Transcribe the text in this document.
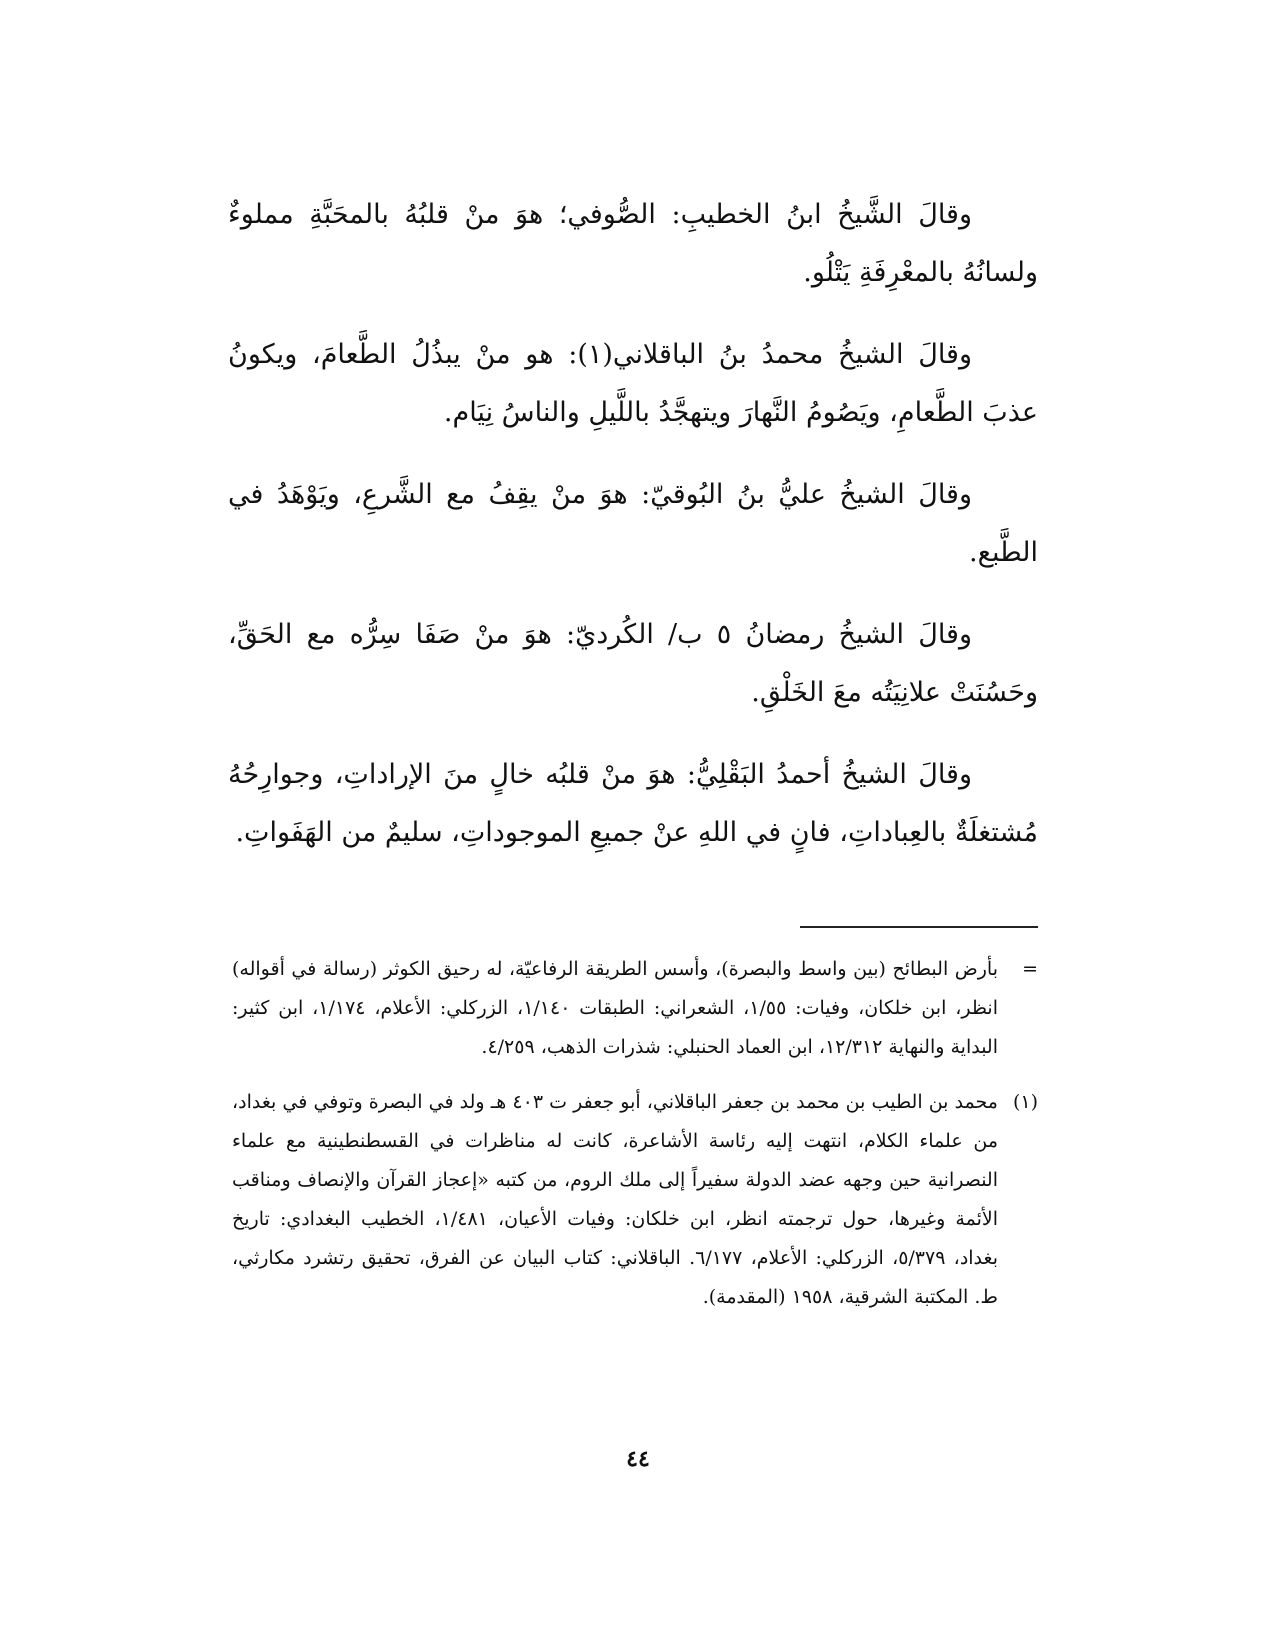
وقالَ الشَّيخُ ابنُ الخطيبِ: الصُّوفي؛ هوَ منْ قلبُهُ بالمحَبَّةِ مملوءٌ ولسانُهُ بالمعْرِفَةِ يَتْلُو.

وقالَ الشيخُ محمدُ بنُ الباقلاني(١): هو منْ يبذُلُ الطَّعامَ، ويكونُ عذبَ الطَّعامِ، ويَصُومُ النَّهارَ ويتهجَّدُ باللَّيلِ والناسُ نِيَام.

وقالَ الشيخُ عليُّ بنُ البُوقيّ: هوَ منْ يقِفُ مع الشَّرعِ، ويَوْهَدُ في الطَّبع.

وقالَ الشيخُ رمضانُ ٥ ب/ الكُرديّ: هوَ منْ صَفَا سِرُّه مع الحَقِّ، وحَسُنَتْ علانِيَتُه معَ الخَلْقِ.

وقالَ الشيخُ أحمدُ البَقْلِيُّ: هوَ منْ قلبُه خالٍ منَ الإراداتِ، وجوارِحُهُ مُشتغلَةٌ بالعِباداتِ، فانٍ في اللهِ عنْ جميعِ الموجوداتِ، سليمٌ من الهَفَواتِ.

=
بأرض البطائح (بين واسط والبصرة)، وأسس الطريقة الرفاعيّة، له رحيق الكوثر (رسالة في أقواله) انظر، ابن خلكان، وفيات: ١/٥٥، الشعراني: الطبقات ١/١٤٠، الزركلي: الأعلام، ١/١٧٤، ابن كثير: البداية والنهاية ١٢/٣١٢، ابن العماد الحنبلي: شذرات الذهب، ٤/٢٥٩.
(١)
محمد بن الطيب بن محمد بن جعفر الباقلاني، أبو جعفر ت ٤٠٣ هـ ولد في البصرة وتوفي في بغداد، من علماء الكلام، انتهت إليه رئاسة الأشاعرة، كانت له مناظرات في القسطنطينية مع علماء النصرانية حين وجهه عضد الدولة سفيراً إلى ملك الروم، من كتبه «إعجاز القرآن والإنصاف ومناقب الأئمة وغيرها، حول ترجمته انظر، ابن خلكان: وفيات الأعيان، ١/٤٨١، الخطيب البغدادي: تاريخ بغداد، ٥/٣٧٩، الزركلي: الأعلام، ٦/١٧٧. الباقلاني: كتاب البيان عن الفرق، تحقيق رتشرد مكارثي، ط. المكتبة الشرقية، ١٩٥٨ (المقدمة).
٤٤
